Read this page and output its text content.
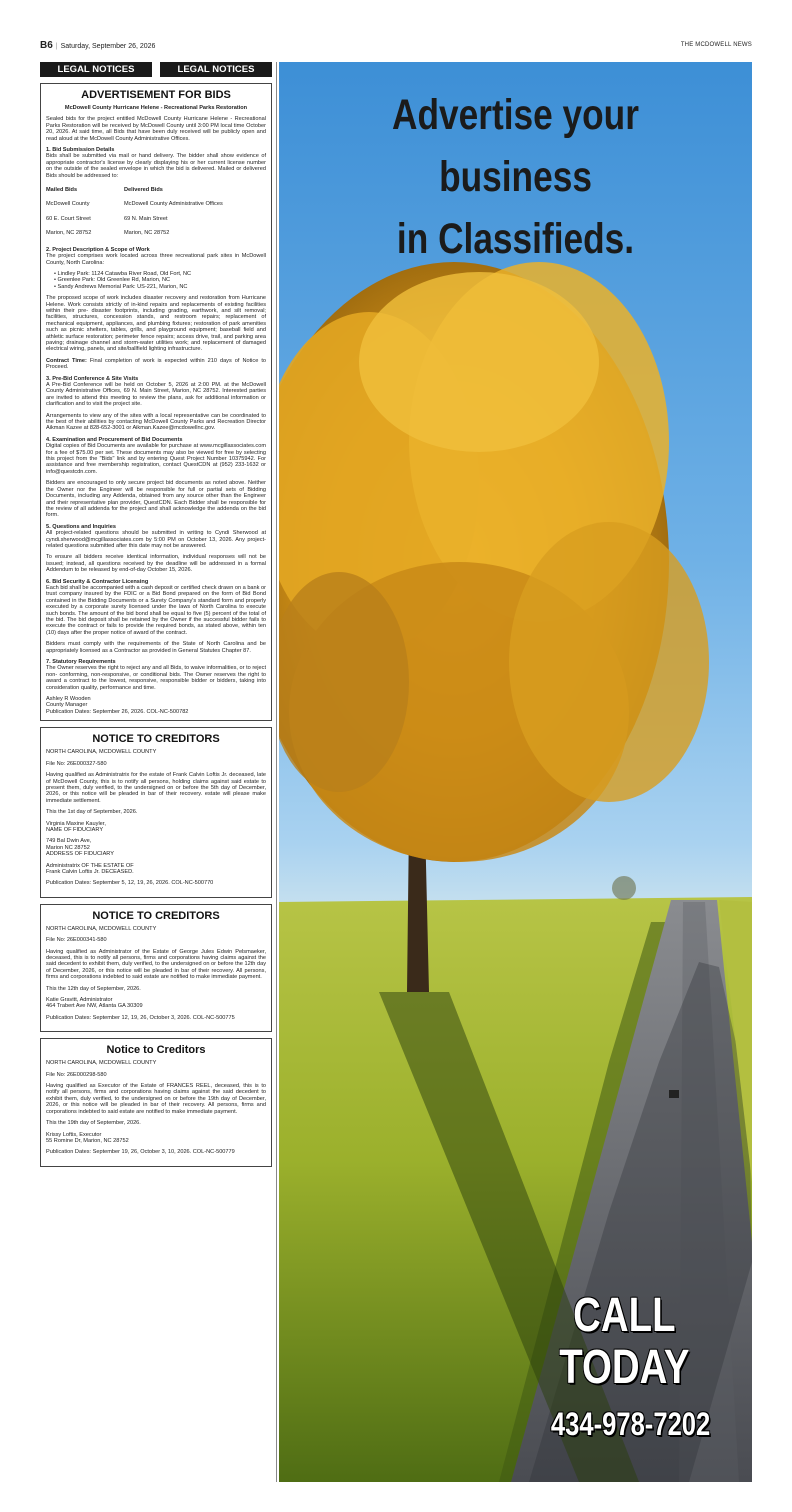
B6 | Saturday, September 26, 2026	THE MCDOWELL NEWS
LEGAL NOTICES	LEGAL NOTICES
ADVERTISEMENT FOR BIDS
McDowell County Hurricane Helene - Recreational Parks Restoration

Sealed bids for the project entitled McDowell County Hurricane Helene - Recreational Parks Restoration will be received by McDowell County until 3:00 PM local time October 20, 2026. At said time, all Bids that have been duly received will be publicly open and read aloud at the McDowell County Administrative Offices.

1. Bid Submission Details
Bids shall be submitted via mail or hand delivery. The bidder shall show evidence of appropriate contractor's license by clearly displaying his or her current license number on the outside of the sealed envelope in which the bid is delivered. Mailed or delivered Bids should be addressed to:

Mailed Bids	Delivered Bids
McDowell County	McDowell County Administrative Offices
60 E. Court Street	69 N. Main Street
Marion, NC 28752	Marion, NC 28752

2. Project Description & Scope of Work
The project comprises work located across three recreational park sites in McDowell County, North Carolina:

• Lindley Park: 1124 Catawba River Road, Old Fort, NC
• Greenlee Park: Old Greenlee Rd, Marion, NC
• Sandy Andrews Memorial Park: US-221, Marion, NC

The proposed scope of work includes disaster recovery and restoration from Hurricane Helene. Work consists strictly of in-kind repairs and replacements of existing facilities within their pre- disaster footprints, including grading, earthwork, and silt removal; facilities, structures, concession stands, and restroom repairs; replacement of mechanical equipment, appliances, and plumbing fixtures; restoration of park amenities such as picnic shelters, tables, grills, and playground equipment; baseball field and athletic surface restoration; perimeter fence repairs; access drive, trail, and parking area paving; drainage channel and storm-water utilities work; and replacement of damaged electrical wiring, panels, and site/ballfield lighting infrastructure.

Contract Time: Final completion of work is expected within 210 days of Notice to Proceed.

3. Pre-Bid Conference & Site Visits
A Pre-Bid Conference will be held on October 5, 2026 at 2:00 PM. at the McDowell County Administrative Offices, 69 N. Main Street, Marion, NC 28752. Interested parties are invited to attend this meeting to review the plans, ask for additional information or clarification and to visit the project site.

Arrangements to view any of the sites with a local representative can be coordinated to the best of their abilities by contacting McDowell County Parks and Recreation Director Aikman Kazee at 828-652-3001 or Aikman.Kazee@mcdowellnc.gov.

4. Examination and Procurement of Bid Documents
Digital copies of Bid Documents are available for purchase at www.mcgillassociates.com for a fee of $75.00 per set. These documents may also be viewed for free by selecting this project from the "Bids" link and by entering Quest Project Number 10375942. For assistance and free membership registration, contact QuestCDN at (952) 233-1632 or info@questcdn.com.

Bidders are encouraged to only secure project bid documents as noted above. Neither the Owner nor the Engineer will be responsible for full or partial sets of Bidding Documents, including any Addenda, obtained from any source other than the Engineer and their representative plan provider, QuestCDN. Each Bidder shall be responsible for the review of all addenda for the project and shall acknowledge the addenda on the bid form.

5. Questions and Inquiries
All project-related questions should be submitted in writing to Cyndi Sherwood at cyndi.sherwood@mcgillassociates.com by 5:00 PM on October 13, 2026. Any project-related questions submitted after this date may not be answered.

To ensure all bidders receive identical information, individual responses will not be issued; instead, all questions received by the deadline will be addressed in a formal Addendum to be released by end-of-day October 15, 2026.

6. Bid Security & Contractor Licensing
Each bid shall be accompanied with a cash deposit or certified check drawn on a bank or trust company insured by the FDIC or a Bid Bond prepared on the form of Bid Bond contained in the Bidding Documents or a Surety Company's standard form and properly executed by a corporate surety licensed under the laws of North Carolina to execute such bonds. The amount of the bid bond shall be equal to five (5) percent of the total of the bid. The bid deposit shall be retained by the Owner if the successful bidder fails to execute the contract or fails to provide the required bonds, as stated above, within ten (10) days after the proper notice of award of the contract.

Bidders must comply with the requirements of the State of North Carolina and be appropriately licensed as a Contractor as provided in General Statutes Chapter 87.

7. Statutory Requirements
The Owner reserves the right to reject any and all Bids, to waive informalities, or to reject non- conforming, non-responsive, or conditional bids. The Owner reserves the right to award a contract to the lowest, responsive, responsible bidder or bidders, taking into consideration quality, performance and time.

Ashley R Wooden
County Manager
Publication Dates: September 26, 2026. COL-NC-500782
NOTICE TO CREDITORS

NORTH CAROLINA, MCDOWELL COUNTY

File No: 26E000327-580

Having qualified as Administratrix for the estate of Frank Calvin Loftis Jr. deceased, late of McDowell County, this is to notify all persons, holding claims against said estate to present them, duly verified, to the undersigned on or before the 5th day of December, 2026, or this notice will be pleaded in bar of their recovery. estate will please make immediate settlement.

This the 1st day of September, 2026.

Virginia Maxine Kauyler,
NAME OF FIDUCIARY

749 Bal Dwin Ave,
Marion NC 28752
ADDRESS OF FIDUCIARY

Administratrix OF THE ESTATE OF
Frank Calvin Loftis Jr. DECEASED.

Publication Dates: September 5, 12, 19, 26, 2026. COL-NC-500770

NOTICE TO CREDITORS

NORTH CAROLINA, MCDOWELL COUNTY

File No: 26E000341-580

Having qualified as Administrator of the Estate of George Jules Edwin Pelsmaeker, deceased, this is to notify all persons, firms and corporations having claims against the said decedent to exhibit them, duly verified, to the undersigned on or before the 12th day of December, 2026, or this notice will be pleaded in bar of their recovery. All persons, firms and corporations indebted to said estate are notified to make immediate payment.

This the 12th day of September, 2026.

Katie Gravitt, Administrator
464 Trabert Ave NW, Atlanta GA 30309

Publication Dates: September 12, 19, 26, October 3, 2026. COL-NC-500775

Notice to Creditors

NORTH CAROLINA, MCDOWELL COUNTY

File No: 26E000298-580

Having qualified as Executor of the Estate of FRANCES REEL, deceased, this is to notify all persons, firms and corporations having claims against the said decedent to exhibit them, duly verified, to the undersigned on or before the 19th day of December, 2026, or this notice will be pleaded in bar of their recovery. All persons, firms and corporations indebted to said estate are notified to make immediate payment.

This the 19th day of September, 2026.

Krissy Loftis, Executor
55 Romine Dr, Marion, NC 28752

Publication Dates: September 19, 26, October 3, 10, 2026. COL-NC-500779

Advertise your business
in Classifieds.
CALL
TODAY
434-978-7202
